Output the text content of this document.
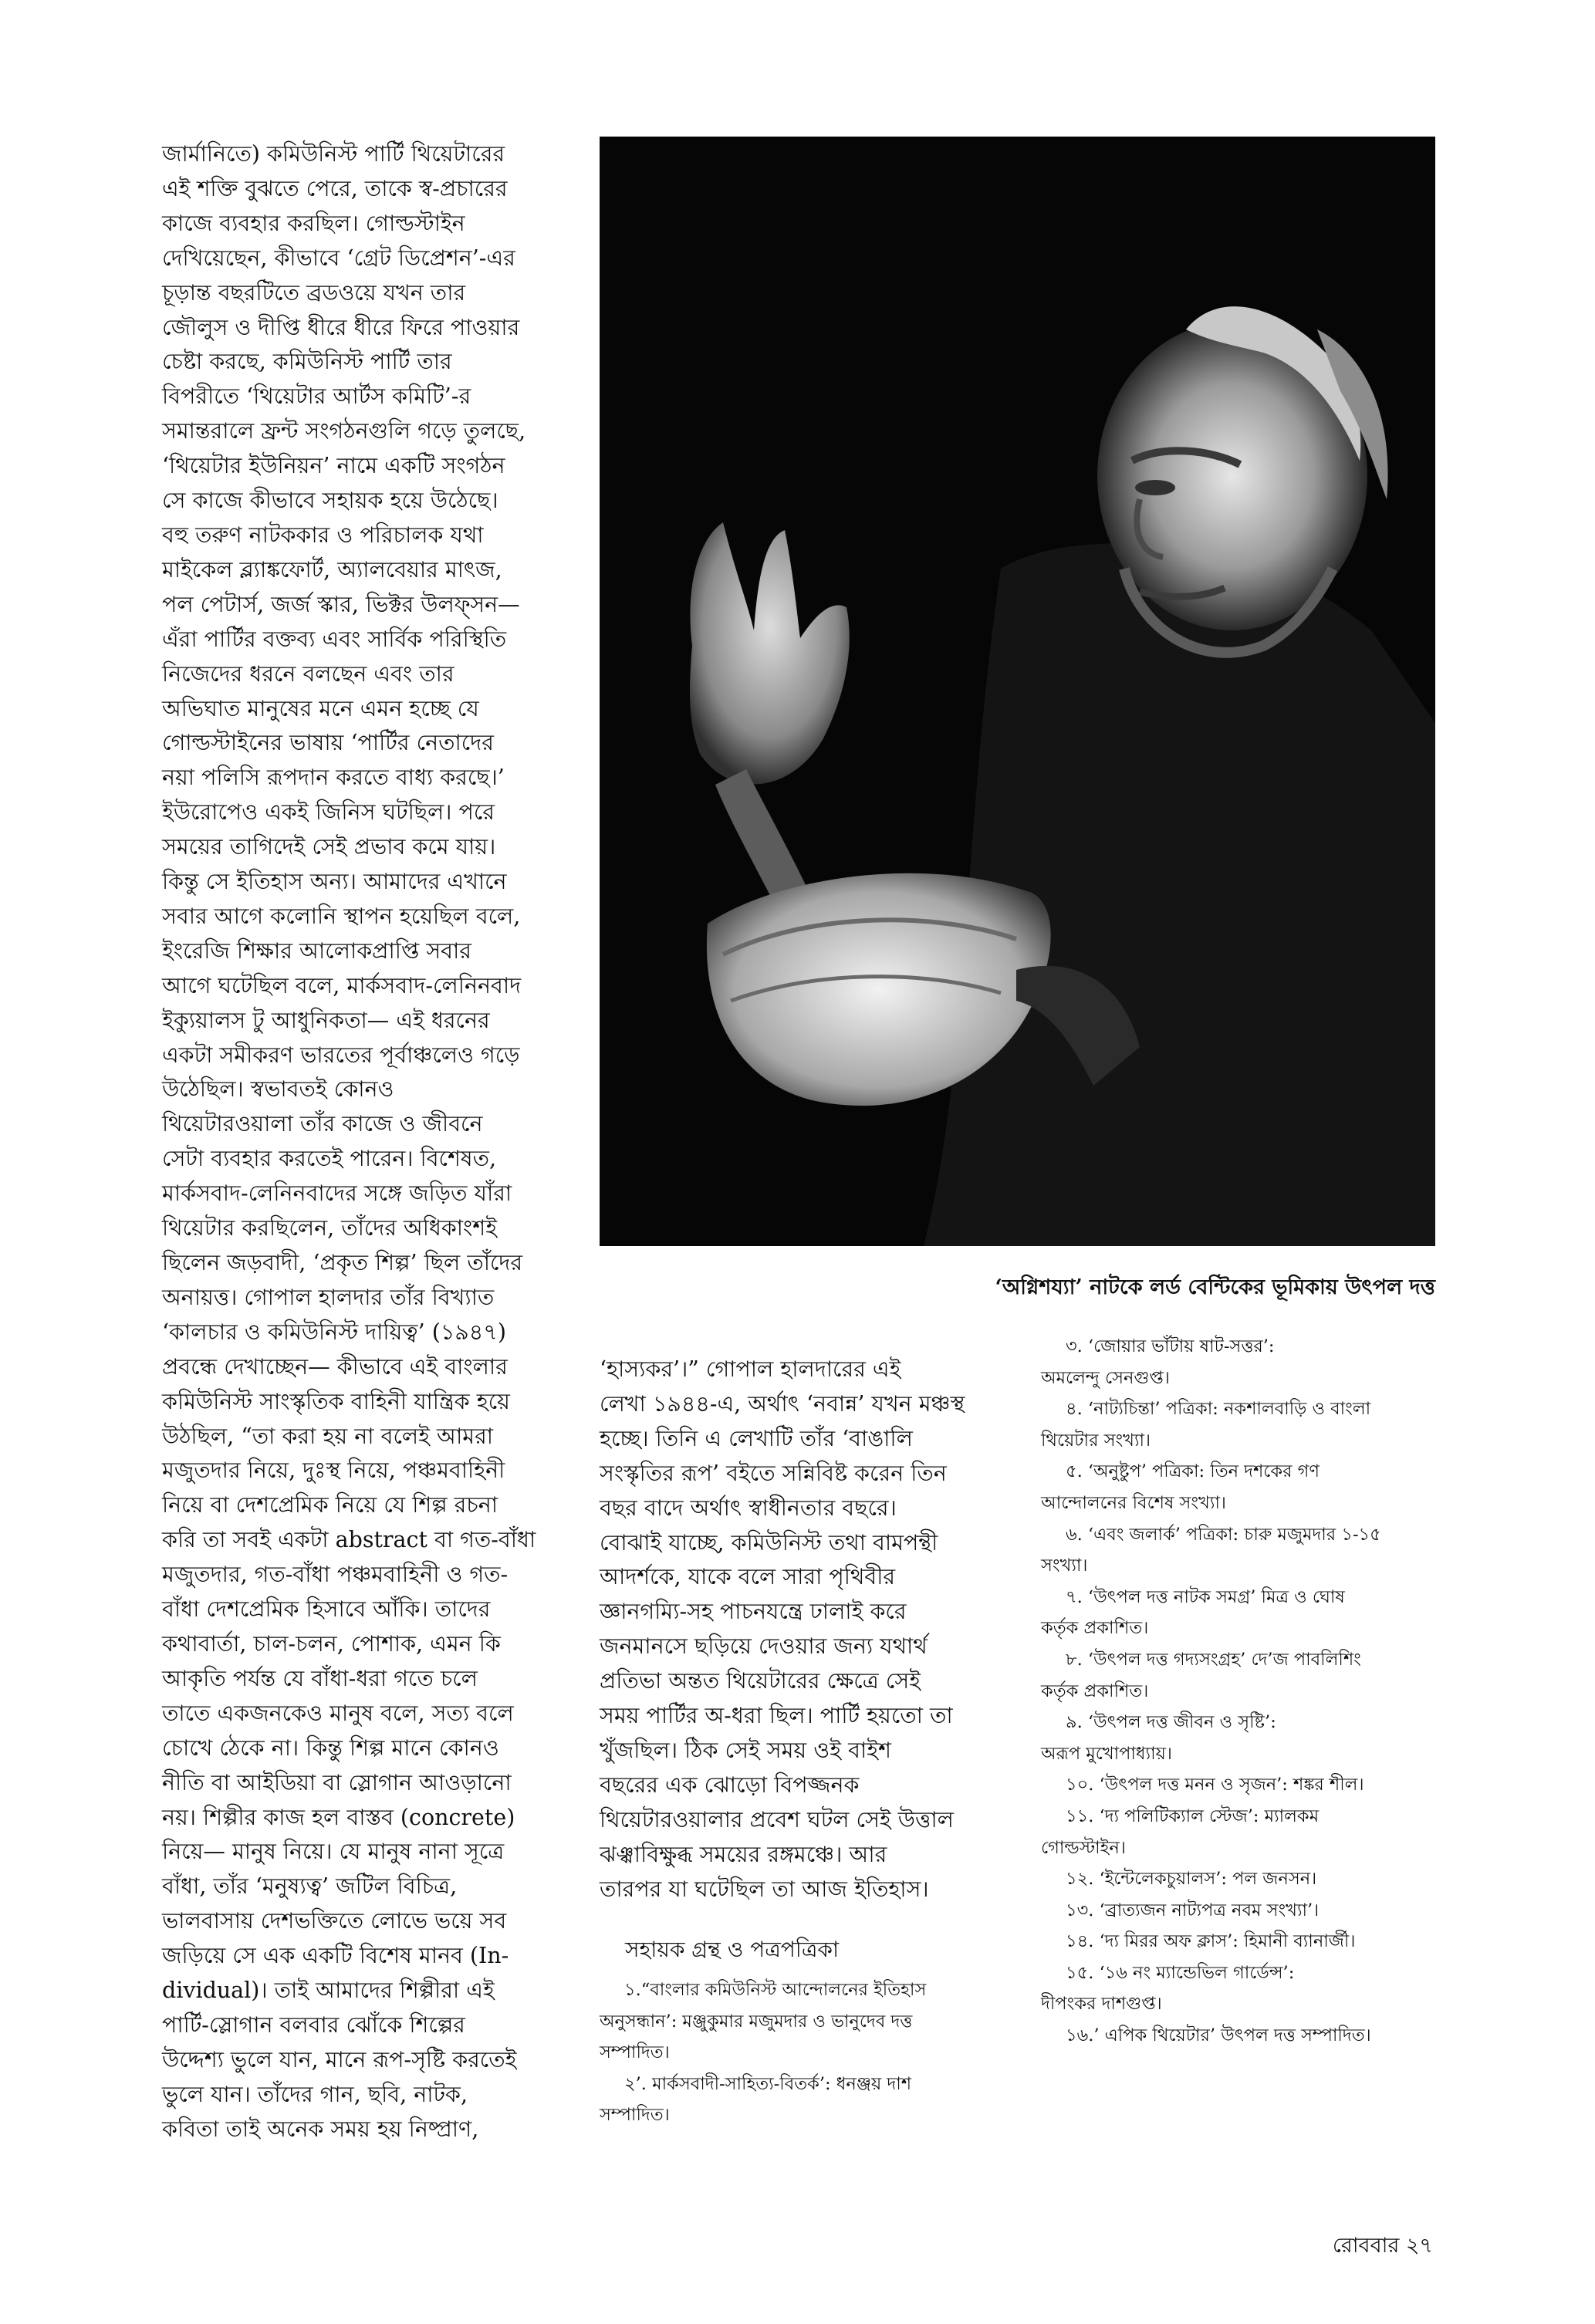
জার্মানিতে) কমিউনিস্ট পার্টি থিয়েটারের

এই শক্তি বুঝতে পেরে, তাকে স্ব-প্রচারের

কাজে ব্যবহার করছিল। গোল্ডস্টাইন

দেখিয়েছেন, কীভাবে ‘গ্রেট ডিপ্রেশন’-এর

চূড়ান্ত বছরটিতে ব্রডওয়ে যখন তার

জৌলুস ও দীপ্তি ধীরে ধীরে ফিরে পাওয়ার

চেষ্টা করছে, কমিউনিস্ট পার্টি তার

বিপরীতে ‘থিয়েটার আর্টস কমিটি’-র

সমান্তরালে ফ্রন্ট সংগঠনগুলি গড়ে তুলছে,

‘থিয়েটার ইউনিয়ন’ নামে একটি সংগঠন

সে কাজে কীভাবে সহায়ক হয়ে উঠেছে।

বহু তরুণ নাটককার ও পরিচালক যথা

মাইকেল ব্ল্যাঙ্কফোর্ট, অ্যালবেয়ার মাৎজ,

পল পেটার্স, জর্জ স্কার, ভিক্টর উলফ্সন—

এঁরা পার্টির বক্তব্য এবং সার্বিক পরিস্থিতি

নিজেদের ধরনে বলছেন এবং তার

অভিঘাত মানুষের মনে এমন হচ্ছে যে

গোল্ডস্টাইনের ভাষায় ‘পার্টির নেতাদের

নয়া পলিসি রূপদান করতে বাধ্য করছে।’

ইউরোপেও একই জিনিস ঘটছিল। পরে

সময়ের তাগিদেই সেই প্রভাব কমে যায়।

কিন্তু সে ইতিহাস অন্য। আমাদের এখানে

সবার আগে কলোনি স্থাপন হয়েছিল বলে,

ইংরেজি শিক্ষার আলোকপ্রাপ্তি সবার

আগে ঘটেছিল বলে, মার্কসবাদ-লেনিনবাদ

ইক্যুয়ালস টু আধুনিকতা— এই ধরনের

একটা সমীকরণ ভারতের পূর্বাঞ্চলেও গড়ে

উঠেছিল। স্বভাবতই কোনও

থিয়েটারওয়ালা তাঁর কাজে ও জীবনে

সেটা ব্যবহার করতেই পারেন। বিশেষত,

মার্কসবাদ-লেনিনবাদের সঙ্গে জড়িত যাঁরা

থিয়েটার করছিলেন, তাঁদের অধিকাংশই

ছিলেন জড়বাদী, ‘প্রকৃত শিল্প’ ছিল তাঁদের

অনায়ত্ত। গোপাল হালদার তাঁর বিখ্যাত

‘কালচার ও কমিউনিস্ট দায়িত্ব’ (১৯৪৭)

প্রবন্ধে দেখাচ্ছেন— কীভাবে এই বাংলার

কমিউনিস্ট সাংস্কৃতিক বাহিনী যান্ত্রিক হয়ে

উঠছিল, “তা করা হয় না বলেই আমরা

মজুতদার নিয়ে, দুঃস্থ নিয়ে, পঞ্চমবাহিনী

নিয়ে বা দেশপ্রেমিক নিয়ে যে শিল্প রচনা

করি তা সবই একটা abstract বা গত-বাঁধা

মজুতদার, গত-বাঁধা পঞ্চমবাহিনী ও গত-

বাঁধা দেশপ্রেমিক হিসাবে আঁকি। তাদের

কথাবার্তা, চাল-চলন, পোশাক, এমন কি

আকৃতি পর্যন্ত যে বাঁধা-ধরা গতে চলে

তাতে একজনকেও মানুষ বলে, সত্য বলে

চোখে ঠেকে না। কিন্তু শিল্প মানে কোনও

নীতি বা আইডিয়া বা স্লোগান আওড়ানো

নয়। শিল্পীর কাজ হল বাস্তব (concrete)

নিয়ে— মানুষ নিয়ে। যে মানুষ নানা সূত্রে

বাঁধা, তাঁর ‘মনুষ্যত্ব’ জটিল বিচিত্র,

ভালবাসায় দেশভক্তিতে লোভে ভয়ে সব

জড়িয়ে সে এক একটি বিশেষ মানব (In-

dividual)। তাই আমাদের শিল্পীরা এই

পার্টি-স্লোগান বলবার ঝোঁকে শিল্পের

উদ্দেশ্য ভুলে যান, মানে রূপ-সৃষ্টি করতেই

ভুলে যান। তাঁদের গান, ছবি, নাটক,

কবিতা তাই অনেক সময় হয় নিষ্প্রাণ,

‘অগ্নিশয্যা’ নাটকে লর্ড বেন্টিকের ভূমিকায় উৎপল দত্ত

‘হাস্যকর’।” গোপাল হালদারের এই

লেখা ১৯৪৪-এ, অর্থাৎ ‘নবান্ন’ যখন মঞ্চস্থ

হচ্ছে। তিনি এ লেখাটি তাঁর ‘বাঙালি

সংস্কৃতির রূপ’ বইতে সন্নিবিষ্ট করেন তিন

বছর বাদে অর্থাৎ স্বাধীনতার বছরে।

বোঝাই যাচ্ছে, কমিউনিস্ট তথা বামপন্থী

আদর্শকে, যাকে বলে সারা পৃথিবীর

জ্ঞানগম্যি-সহ পাচনযন্ত্রে ঢালাই করে

জনমানসে ছড়িয়ে দেওয়ার জন্য যথার্থ

প্রতিভা অন্তত থিয়েটারের ক্ষেত্রে সেই

সময় পার্টির অ-ধরা ছিল। পার্টি হয়তো তা

খুঁজছিল। ঠিক সেই সময় ওই বাইশ

বছরের এক ঝোড়ো বিপজ্জনক

থিয়েটারওয়ালার প্রবেশ ঘটল সেই উত্তাল

ঝঞ্ঝাবিক্ষুব্ধ সময়ের রঙ্গমঞ্চে। আর

তারপর যা ঘটেছিল তা আজ ইতিহাস।

সহায়ক গ্রন্থ ও পত্রপত্রিকা

১.“বাংলার কমিউনিস্ট আন্দোলনের ইতিহাস

অনুসন্ধান’: মঞ্জুকুমার মজুমদার ও ভানুদেব দত্ত

সম্পাদিত।

২’. মার্কসবাদী-সাহিত্য-বিতর্ক’: ধনঞ্জয় দাশ

সম্পাদিত।

৩. ‘জোয়ার ভাঁটায় ষাট-সত্তর’:

অমলেন্দু সেনগুপ্ত।

৪. ‘নাট্যচিন্তা’ পত্রিকা: নকশালবাড়ি ও বাংলা

থিয়েটার সংখ্যা।

৫. ‘অনুষ্টুপ’ পত্রিকা: তিন দশকের গণ

আন্দোলনের বিশেষ সংখ্যা।

৬. ‘এবং জলার্ক’ পত্রিকা: চারু মজুমদার ১-১৫

সংখ্যা।

৭. ‘উৎপল দত্ত নাটক সমগ্র’ মিত্র ও ঘোষ

কর্তৃক প্রকাশিত।

৮. ‘উৎপল দত্ত গদ্যসংগ্রহ’ দে’জ পাবলিশিং

কর্তৃক প্রকাশিত।

৯. ‘উৎপল দত্ত জীবন ও সৃষ্টি’:

অরূপ মুখোপাধ্যায়।

১০. ‘উৎপল দত্ত মনন ও সৃজন’: শঙ্কর শীল।

১১. ‘দ্য পলিটিক্যাল স্টেজ’: ম্যালকম

গোল্ডস্টাইন।

১২. ‘ইন্টেলেকচুয়ালস’: পল জনসন।

১৩. ‘ব্রাত্যজন নাট্যপত্র নবম সংখ্যা’।

১৪. ‘দ্য মিরর অফ ক্লাস’: হিমানী ব্যানার্জী।

১৫. ‘১৬ নং ম্যান্ডেভিল গার্ডেন্স’:

দীপংকর দাশগুপ্ত।

১৬.’ এপিক থিয়েটার’ উৎপল দত্ত সম্পাদিত।

রোববার ২৭
